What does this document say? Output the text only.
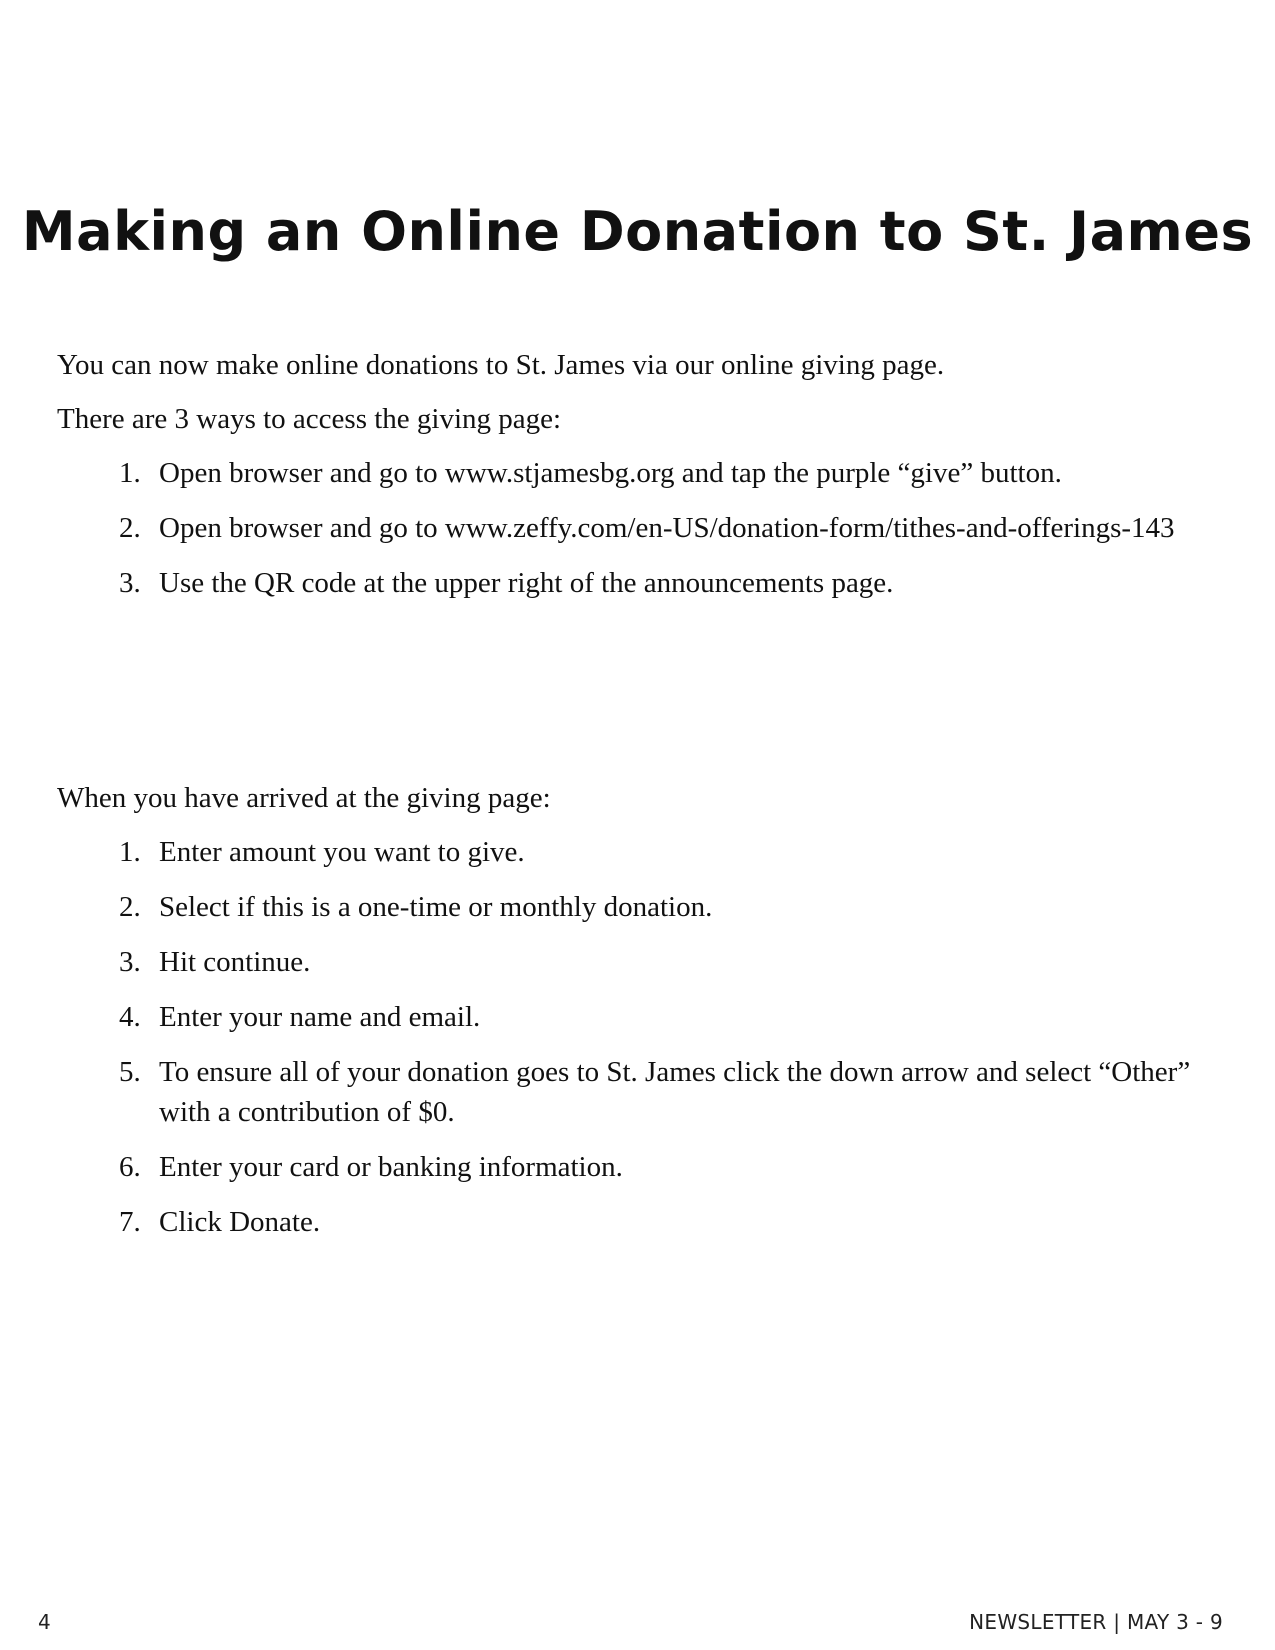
Making an Online Donation to St. James

You can now make online donations to St. James via our online giving page.

There are 3 ways to access the giving page:

1. Open browser and go to www.stjamesbg.org and tap the purple “give” button.
2. Open browser and go to www.zeffy.com/en-US/donation-form/tithes-and-offerings-143
3. Use the QR code at the upper right of the announcements page.

When you have arrived at the giving page:

1. Enter amount you want to give.
2. Select if this is a one-time or monthly donation.
3. Hit continue.
4. Enter your name and email.
5. To ensure all of your donation goes to St. James click the down arrow and select “Other” with a contribution of $0.
6. Enter your card or banking information.
7. Click Donate.
4	NEWSLETTER | MAY 3 - 9
